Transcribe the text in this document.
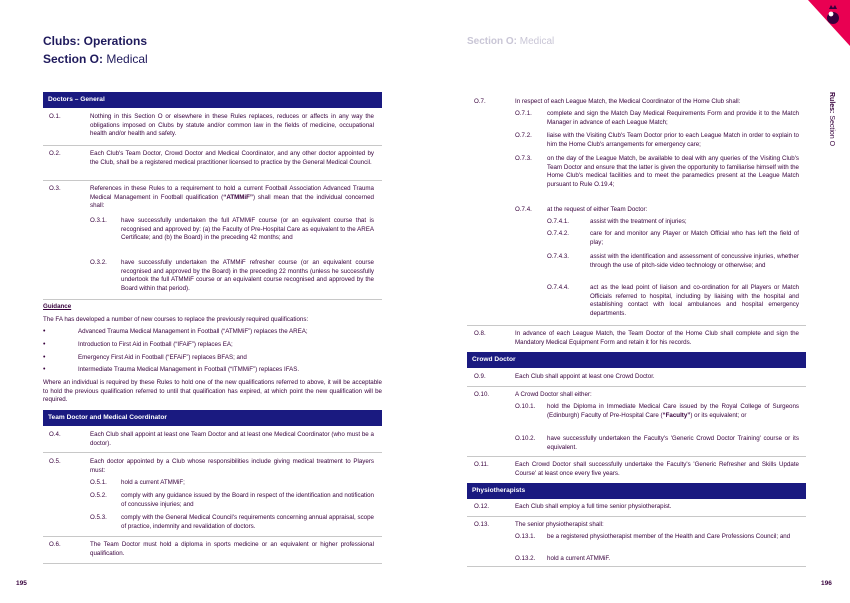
Clubs: Operations
Section O: Medical
Section O: Medical
Rules: Section O
Doctors – General
O.1.	Nothing in this Section O or elsewhere in these Rules replaces, reduces or affects in any way the obligations imposed on Clubs by statute and/or common law in the fields of medicine, occupational health and/or health and safety.
O.2.	Each Club's Team Doctor, Crowd Doctor and Medical Coordinator, and any other doctor appointed by the Club, shall be a registered medical practitioner licensed to practice by the General Medical Council.
O.3.	References in these Rules to a requirement to hold a current Football Association Advanced Trauma Medical Management in Football qualification (“ATMMiF”) shall mean that the individual concerned shall:
O.3.1. have successfully undertaken the full ATMMiF course (or an equivalent course that is recognised and approved by: (a) the Faculty of Pre-Hospital Care as equivalent to the AREA Certificate; and (b) the Board) in the preceding 42 months; and
O.3.2. have successfully undertaken the ATMMiF refresher course (or an equivalent course recognised and approved by the Board) in the preceding 22 months (unless he successfully undertook the full ATMMiF course or an equivalent course recognised and approved by the Board within that period).
Guidance
The FA has developed a number of new courses to replace the previously required qualifications:
•	Advanced Trauma Medical Management in Football (“ATMMiF”) replaces the AREA;
•	Introduction to First Aid in Football (“IFAiF”) replaces EA;
•	Emergency First Aid in Football (“EFAiF”) replaces BFAS; and
•	Intermediate Trauma Medical Management in Football (“ITMMiF”) replaces IFAS.
Where an individual is required by these Rules to hold one of the new qualifications referred to above, it will be acceptable to hold the previous qualification referred to until that qualification has expired, at which point the new qualification will be required.
Team Doctor and Medical Coordinator
O.4.	Each Club shall appoint at least one Team Doctor and at least one Medical Coordinator (who must be a doctor).
O.5.	Each doctor appointed by a Club whose responsibilities include giving medical treatment to Players must:
O.5.1. hold a current ATMMiF;
O.5.2. comply with any guidance issued by the Board in respect of the identification and notification of concussive injuries; and
O.5.3. comply with the General Medical Council's requirements concerning annual appraisal, scope of practice, indemnity and revalidation of doctors.
O.6.	The Team Doctor must hold a diploma in sports medicine or an equivalent or higher professional qualification.
O.7.	In respect of each League Match, the Medical Coordinator of the Home Club shall:
O.7.1. complete and sign the Match Day Medical Requirements Form and provide it to the Match Manager in advance of each League Match;
O.7.2. liaise with the Visiting Club's Team Doctor prior to each League Match in order to explain to him the Home Club's arrangements for emergency care;
O.7.3. on the day of the League Match, be available to deal with any queries of the Visiting Club's Team Doctor and ensure that the latter is given the opportunity to familiarise himself with the Home Club's medical facilities and to meet the paramedics present at the League Match pursuant to Rule O.19.4;
O.7.4. at the request of either Team Doctor:
O.7.4.1.	assist with the treatment of injuries;
O.7.4.2.	care for and monitor any Player or Match Official who has left the field of play;
O.7.4.3.	assist with the identification and assessment of concussive injuries, whether through the use of pitch-side video technology or otherwise; and
O.7.4.4.	act as the lead point of liaison and co-ordination for all Players or Match Officials referred to hospital, including by liaising with the hospital and establishing contact with local ambulances and hospital emergency departments.
O.8.	In advance of each League Match, the Team Doctor of the Home Club shall complete and sign the Mandatory Medical Equipment Form and retain it for his records.
Crowd Doctor
O.9.	Each Club shall appoint at least one Crowd Doctor.
O.10.	A Crowd Doctor shall either:
O.10.1. hold the Diploma in Immediate Medical Care issued by the Royal College of Surgeons (Edinburgh) Faculty of Pre-Hospital Care (“Faculty”) or its equivalent; or
O.10.2. have successfully undertaken the Faculty's 'Generic Crowd Doctor Training' course or its equivalent.
O.11.	Each Crowd Doctor shall successfully undertake the Faculty's 'Generic Refresher and Skills Update Course' at least once every five years.
Physiotherapists
O.12.	Each Club shall employ a full time senior physiotherapist.
O.13.	The senior physiotherapist shall:
O.13.1. be a registered physiotherapist member of the Health and Care Professions Council; and
O.13.2. hold a current ATMMiF.
195	196
